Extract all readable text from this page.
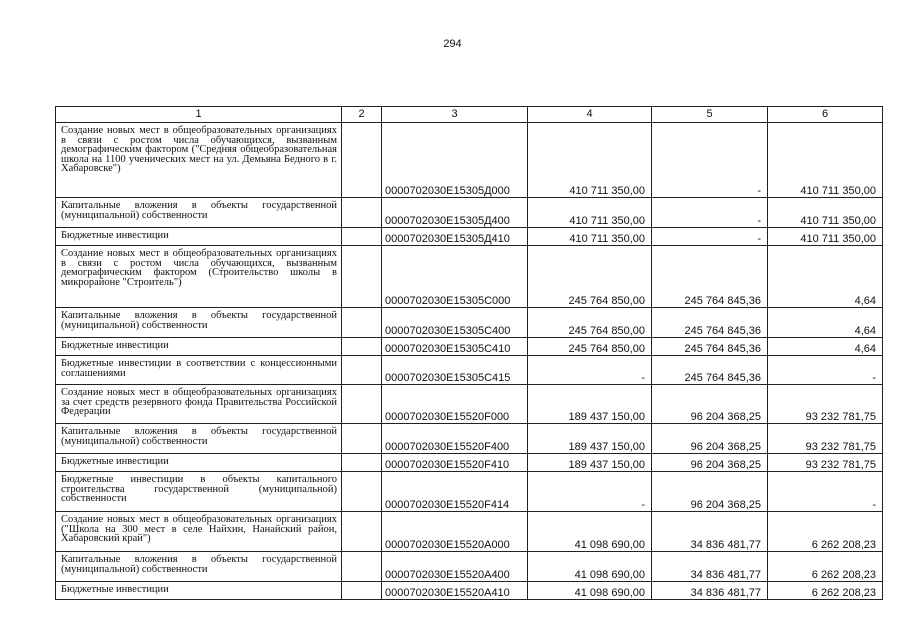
294
1	2	3	4	5	6
Создание новых мест в общеобразовательных организациях в связи с ростом числа обучающихся, вызванным демографическим фактором ("Средняя общеобразовательная школа на 1100 ученических мест на ул. Демьяна Бедного в г. Хабаровске")		0000702030E15305Д000	410 711 350,00	-	410 711 350,00
Капитальные вложения в объекты государственной (муниципальной) собственности		0000702030E15305Д400	410 711 350,00	-	410 711 350,00
Бюджетные инвестиции		0000702030E15305Д410	410 711 350,00	-	410 711 350,00
Создание новых мест в общеобразовательных организациях в связи с ростом числа обучающихся, вызванным демографическим фактором (Строительство школы в микрорайоне "Строитель")		0000702030E15305С000	245 764 850,00	245 764 845,36	4,64
Капитальные вложения в объекты государственной (муниципальной) собственности		0000702030E15305С400	245 764 850,00	245 764 845,36	4,64
Бюджетные инвестиции		0000702030E15305С410	245 764 850,00	245 764 845,36	4,64
Бюджетные инвестиции в соответствии с концессионными соглашениями		0000702030E15305С415	-	245 764 845,36	-
Создание новых мест в общеобразовательных организациях за счет средств резервного фонда Правительства Российской Федерации		0000702030E15520F000	189 437 150,00	96 204 368,25	93 232 781,75
Капитальные вложения в объекты государственной (муниципальной) собственности		0000702030E15520F400	189 437 150,00	96 204 368,25	93 232 781,75
Бюджетные инвестиции		0000702030E15520F410	189 437 150,00	96 204 368,25	93 232 781,75
Бюджетные инвестиции в объекты капитального строительства государственной (муниципальной) собственности		0000702030E15520F414	-	96 204 368,25	-
Создание новых мест в общеобразовательных организациях ("Школа на 300 мест в селе Найхин, Нанайский район, Хабаровский край")		0000702030E15520А000	41 098 690,00	34 836 481,77	6 262 208,23
Капитальные вложения в объекты государственной (муниципальной) собственности		0000702030E15520А400	41 098 690,00	34 836 481,77	6 262 208,23
Бюджетные инвестиции		0000702030E15520А410	41 098 690,00	34 836 481,77	6 262 208,23
